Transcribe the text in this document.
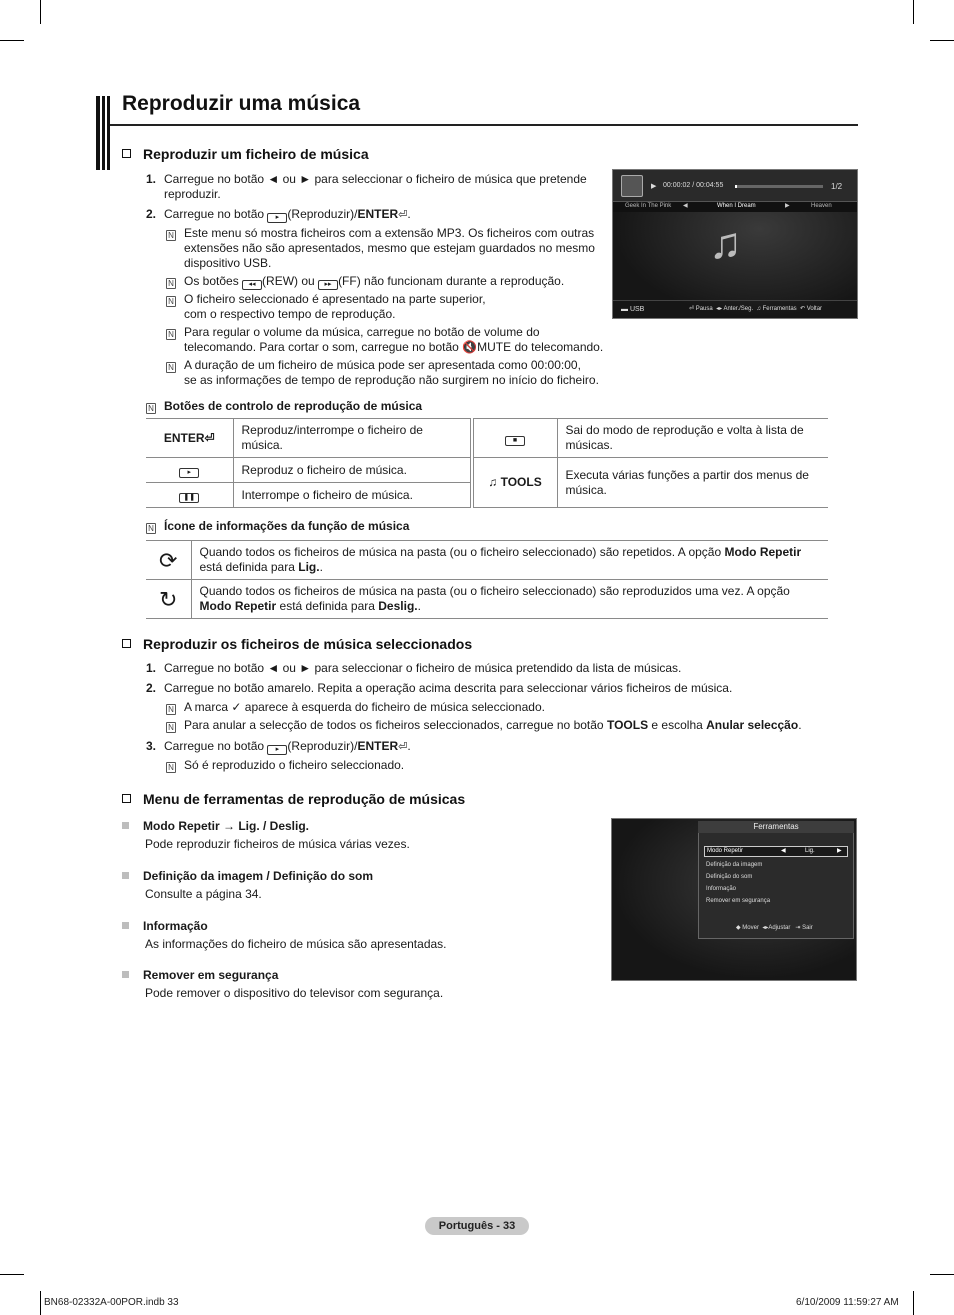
Reproduzir uma música
Reproduzir um ficheiro de música
1. Carregue no botão ◄ ou ► para seleccionar o ficheiro de música que pretende
reproduzir.
2. Carregue no botão ▸ (Reproduzir)/ENTER⏎.
N Este menu só mostra ficheiros com a extensão MP3. Os ficheiros com outras
extensões não são apresentados, mesmo que estejam guardados no mesmo
dispositivo USB.
N Os botões ◂◂ (REW) ou ▸▸ (FF) não funcionam durante a reprodução.
N O ficheiro seleccionado é apresentado na parte superior,
com o respectivo tempo de reprodução.
N Para regular o volume da música, carregue no botão de volume do
telecomando. Para cortar o som, carregue no botão 🔇MUTE do telecomando.
N A duração de um ficheiro de música pode ser apresentada como 00:00:00,
se as informações de tempo de reprodução não surgirem no início do ficheiro.
▶ 00:00:02 / 00:04:55	1/2
Geek In The Pink ◀	When I Dream	▶	Heaven
♫
▬ USB	⏎ Pausa ◂▸ Anter./Seg. ♫ Ferramentas ↶ Voltar
N Botões de controlo de reprodução de música
ENTER⏎	Reproduz/interrompe o ficheiro de música.		■	Sai do modo de reprodução e volta à lista de músicas.
▸	Reproduz o ficheiro de música.		♫ TOOLS	Executa várias funções a partir dos menus de música.
❚❚	Interrompe o ficheiro de música.			
N Ícone de informações da função de música
⟳	Quando todos os ficheiros de música na pasta (ou o ficheiro seleccionado) são repetidos. A opção Modo Repetir
está definida para Lig..
↻	Quando todos os ficheiros de música na pasta (ou o ficheiro seleccionado) são reproduzidos uma vez. A opção
Modo Repetir está definida para Deslig..
Reproduzir os ficheiros de música seleccionados
1. Carregue no botão ◄ ou ► para seleccionar o ficheiro de música pretendido da lista de músicas.
2. Carregue no botão amarelo. Repita a operação acima descrita para seleccionar vários ficheiros de música.
N A marca ✓ aparece à esquerda do ficheiro de música seleccionado.
N Para anular a selecção de todos os ficheiros seleccionados, carregue no botão TOOLS e escolha Anular selecção.
3. Carregue no botão ▸ (Reproduzir)/ENTER⏎.
N Só é reproduzido o ficheiro seleccionado.
Menu de ferramentas de reprodução de músicas
Modo Repetir → Lig. / Deslig.
Pode reproduzir ficheiros de música várias vezes.
Definição da imagem / Definição do som
Consulte a página 34.
Informação
As informações do ficheiro de música são apresentadas.
Remover em segurança
Pode remover o dispositivo do televisor com segurança.
Ferramentas
Modo Repetir	◀	Lig.	▶
Definição da imagem
Definição do som
Informação
Remover em segurança
◆ Mover ◂▸Adjustar ⇥ Sair
Português - 33
BN68-02332A-00POR.indb 33	6/10/2009 11:59:27 AM
